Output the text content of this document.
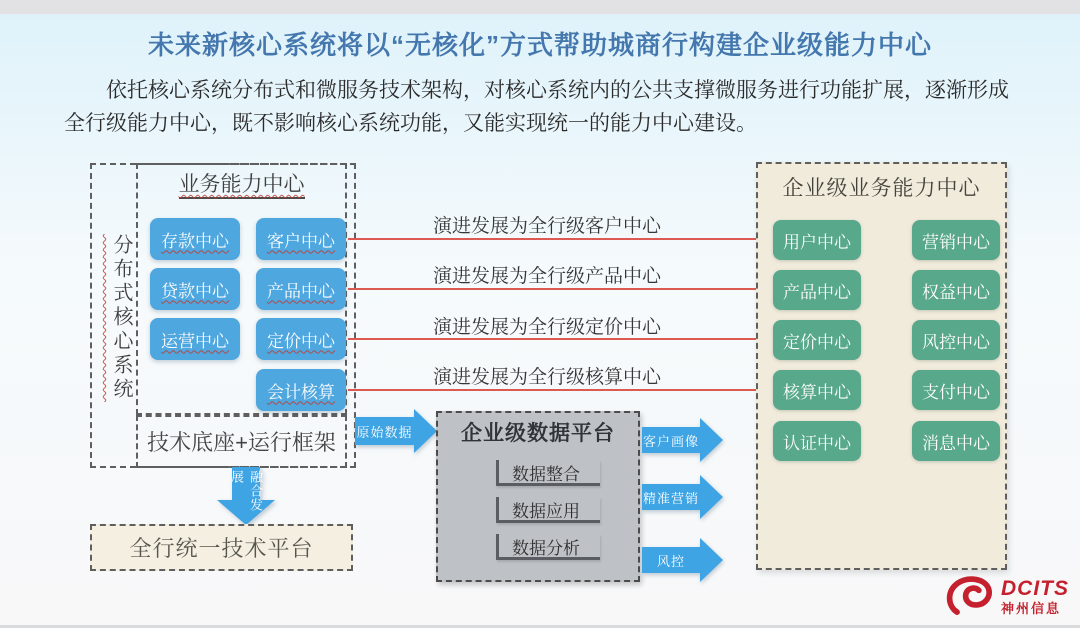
未来新核心系统将以“无核化”方式帮助城商行构建企业级能力中心
依托核心系统分布式和微服务技术架构，对核心系统内的公共支撑微服务进行功能扩展，逐渐形成
全行级能力中心，既不影响核心系统功能，又能实现统一的能力中心建设。
分布式核心系统
业务能力中心
存款中心 客户中心
贷款中心 产品中心
运营中心 定价中心
会计核算
技术底座+运行框架
融合发展
全行统一技术平台
演进发展为全行级客户中心
演进发展为全行级产品中心
演进发展为全行级定价中心
演进发展为全行级核算中心
原始数据	企业级数据平台
数据整合
数据应用
数据分析
客户画像
精准营销
风控
企业级业务能力中心
用户中心	营销中心
产品中心	权益中心
定价中心	风控中心
核算中心	支付中心
认证中心	消息中心
DCITS
神州信息
